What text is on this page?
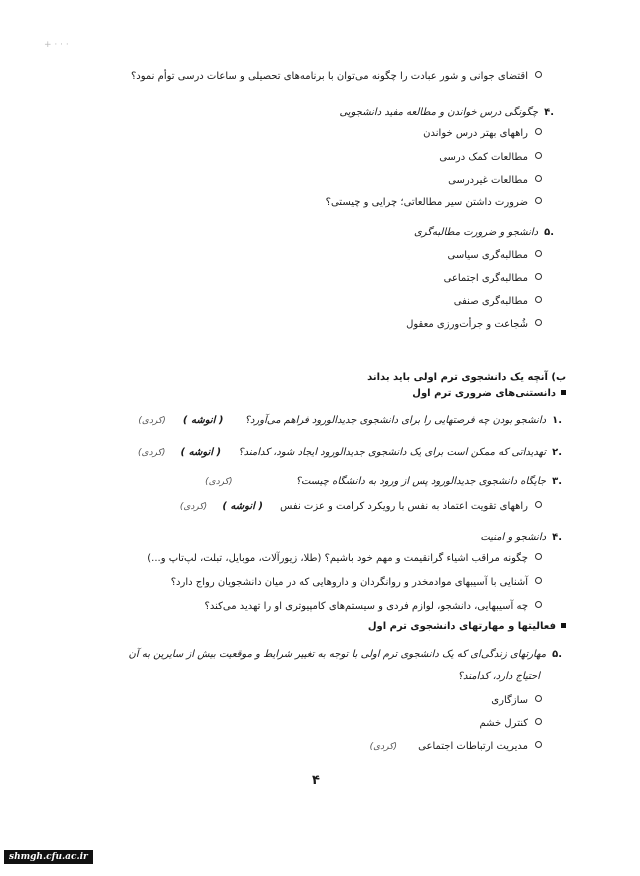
+ · · ·
اقتضای جوانی و شور عبادت را چگونه می‌توان با برنامه‌های تحصیلی و ساعات درسی توأم نمود؟
.۴چگونگی درس خواندن و مطالعه مفید دانشجویی
راههای بهتر درس خواندن
مطالعات کمک درسی
مطالعات غیردرسی
ضرورت داشتن سیر مطالعاتی؛ چرایی و چیستی؟
.۵دانشجو و ضرورت مطالبه‌گری
مطالبه‌گری سیاسی
مطالبه‌گری اجتماعی
مطالبه‌گری صنفی
شُجاعت و جرأت‌ورزی معقول
ب) آنچه یک دانشجوی ترم اولی باید بداند
دانستنی‌های ضروری ترم اول
.۱دانشجو بودن چه فرصتهایی را برای دانشجوی جدیدالورود فراهم می‌آورد؟ ( انوشه ) (کردی)
.۲تهدیداتی که ممکن است برای یک دانشجوی جدیدالورود ایجاد شود، کدامند؟ ( انوشه ) (کردی)
.۳جایگاه دانشجوی جدیدالورود پس از ورود به دانشگاه چیست؟ (کردی)
راههای تقویت اعتماد به نفس با رویکرد کرامت و عزت نفس ( انوشه ) (کردی)
.۴دانشجو و امنیت
چگونه مراقب اشیاء گرانقیمت و مهم خود باشیم؟ (طلا، زیورآلات، موبایل، تبلت، لپ‌تاپ و...)
آشنایی با آسیبهای موادمخدر و روانگردان و داروهایی که در میان دانشجویان رواج دارد؟
چه آسیبهایی، دانشجو، لوازم فردی و سیستم‌های کامپیوتری او را تهدید می‌کند؟
فعالیتها و مهارتهای دانشجوی ترم اول
.۵مهارتهای زندگی‌ای که یک دانشجوی ترم اولی با توجه به تغییر شرایط و موقعیت بیش از سایرین به آن
احتیاج دارد، کدامند؟
سازگاری
کنترل خشم
مدیریت ارتباطات اجتماعی (کردی)
۴
shmgh.cfu.ac.ir
